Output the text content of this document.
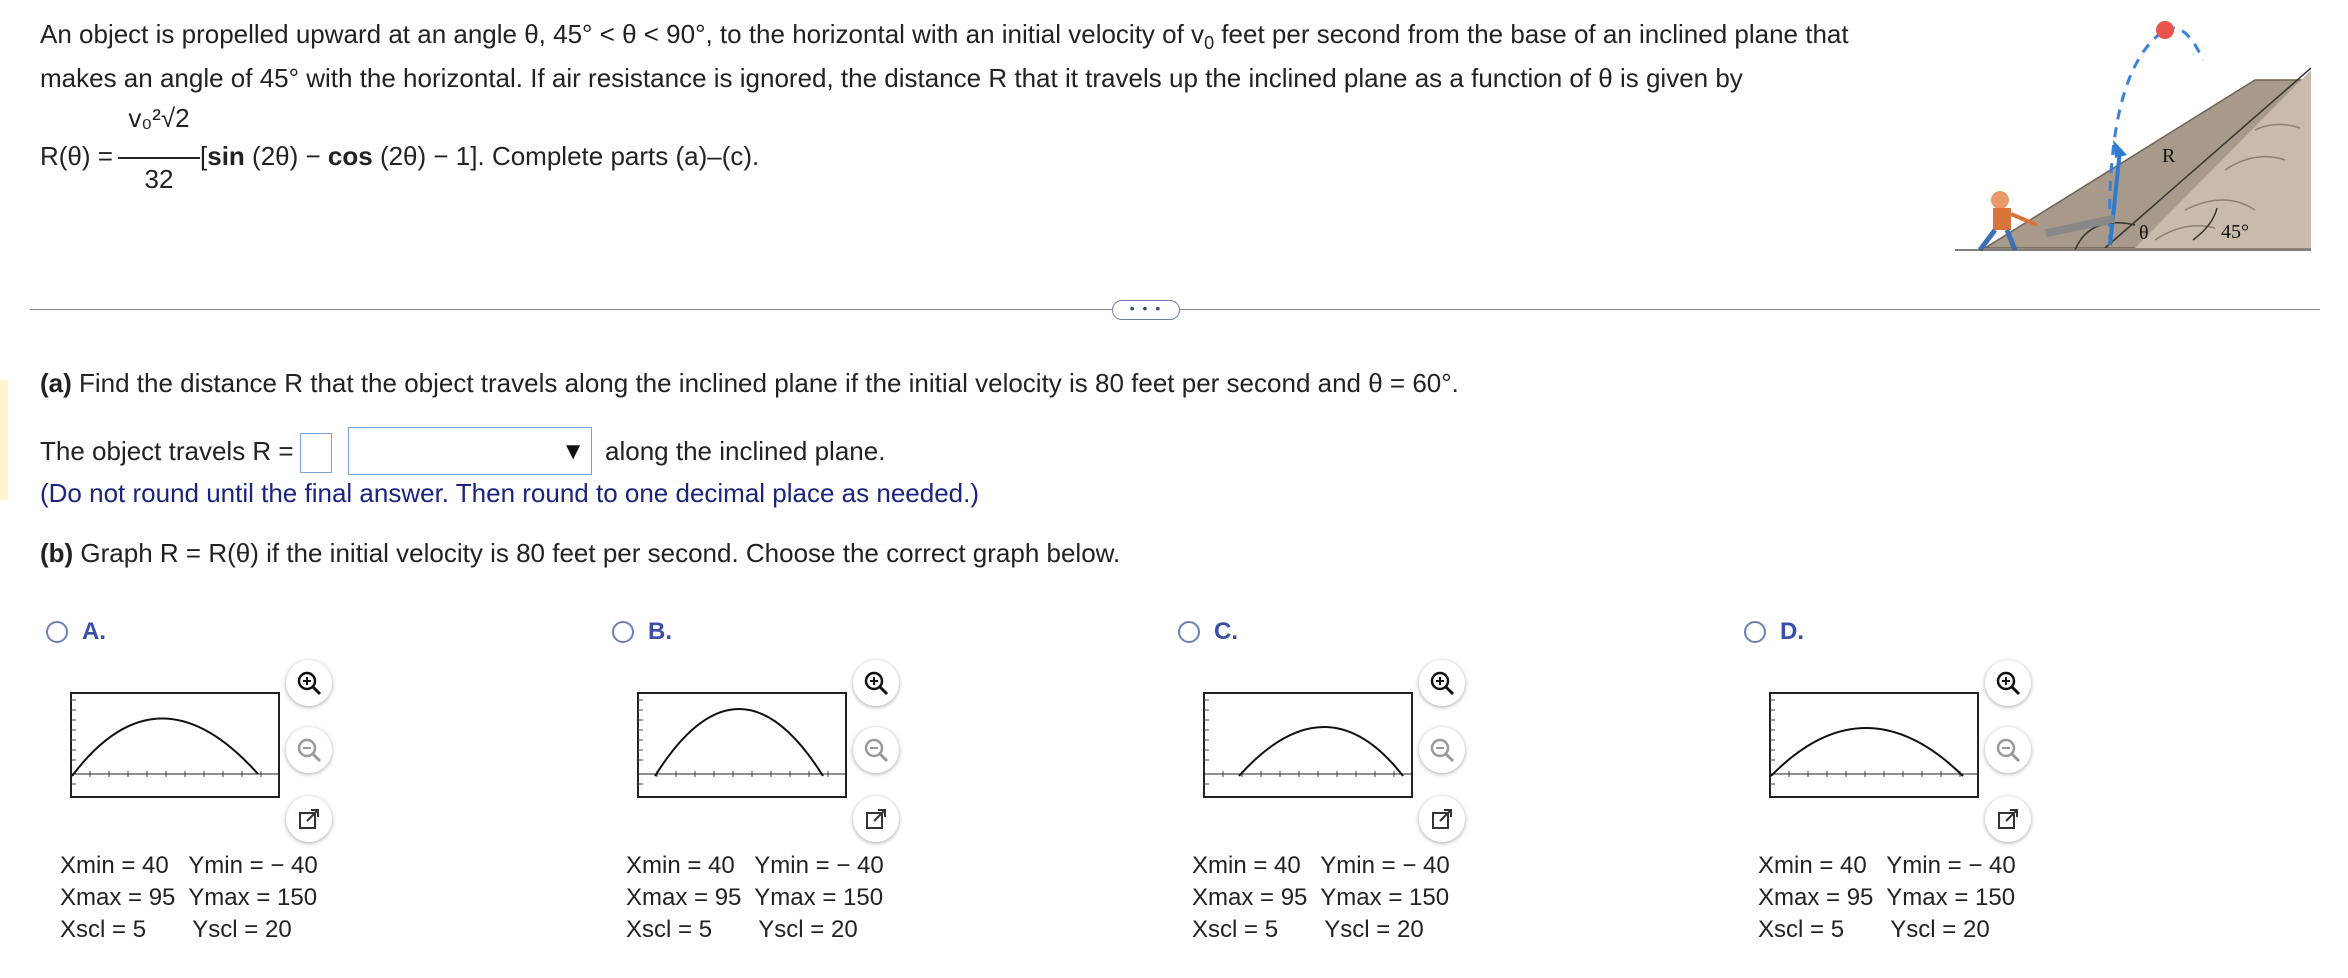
An object is propelled upward at an angle θ, 45° < θ < 90°, to the horizontal with an initial velocity of $v_0$ feet per second from the base of an inclined plane that
makes an angle of 45° with the horizontal. If air resistance is ignored, the distance R that it travels up the inclined plane as a function of θ is given by
R(θ) =
v₀²√2
32
[sin (2θ) − cos (2θ) − 1]. Complete parts (a)–(c).	R
θ	45°
• • •
(a) Find the distance R that the object travels along the inclined plane if the initial velocity is 80 feet per second and θ = 60°.
The object travels R =	▼ along the inclined plane.
(Do not round until the final answer. Then round to one decimal place as needed.)
(b) Graph R = R(θ) if the initial velocity is 80 feet per second. Choose the correct graph below.
A.
Xmin = 40   Ymin = − 40
Xmax = 95  Ymax = 150
Xscl = 5       Yscl = 20
B.
Xmin = 40   Ymin = − 40
Xmax = 95  Ymax = 150
Xscl = 5       Yscl = 20
C.
Xmin = 40   Ymin = − 40
Xmax = 95  Ymax = 150
Xscl = 5       Yscl = 20
D.
Xmin = 40   Ymin = − 40
Xmax = 95  Ymax = 150
Xscl = 5       Yscl = 20
